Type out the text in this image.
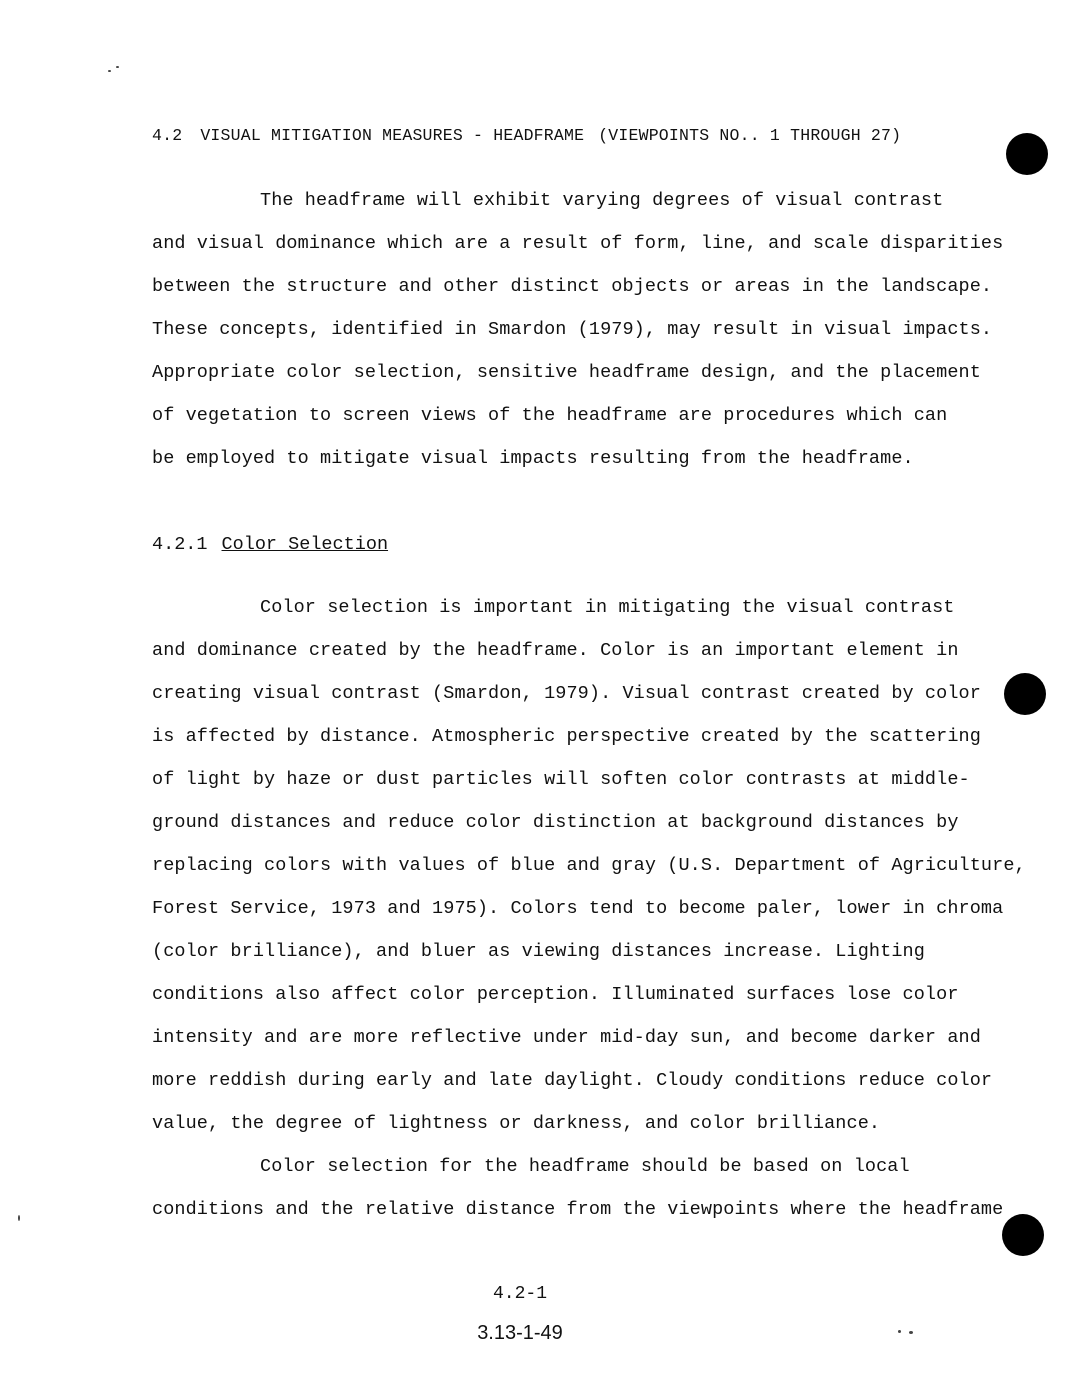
4.2 VISUAL MITIGATION MEASURES - HEADFRAME (VIEWPOINTS NO.. 1 THROUGH 27)
The headframe will exhibit varying degrees of visual contrast
and visual dominance which are a result of form, line, and scale disparities
between the structure and other distinct objects or areas in the landscape.
These concepts, identified in Smardon (1979), may result in visual impacts.
Appropriate color selection, sensitive headframe design, and the placement
of vegetation to screen views of the headframe are procedures which can
be employed to mitigate visual impacts resulting from the headframe.
4.2.1 Color Selection
Color selection is important in mitigating the visual contrast
and dominance created by the headframe. Color is an important element in
creating visual contrast (Smardon, 1979). Visual contrast created by color
is affected by distance. Atmospheric perspective created by the scattering
of light by haze or dust particles will soften color contrasts at middle-
ground distances and reduce color distinction at background distances by
replacing colors with values of blue and gray (U.S. Department of Agriculture,
Forest Service, 1973 and 1975). Colors tend to become paler, lower in chroma
(color brilliance), and bluer as viewing distances increase. Lighting
conditions also affect color perception. Illuminated surfaces lose color
intensity and are more reflective under mid-day sun, and become darker and
more reddish during early and late daylight. Cloudy conditions reduce color
value, the degree of lightness or darkness, and color brilliance.
Color selection for the headframe should be based on local
conditions and the relative distance from the viewpoints where the headframe
4.2-1
3.13-1-49
